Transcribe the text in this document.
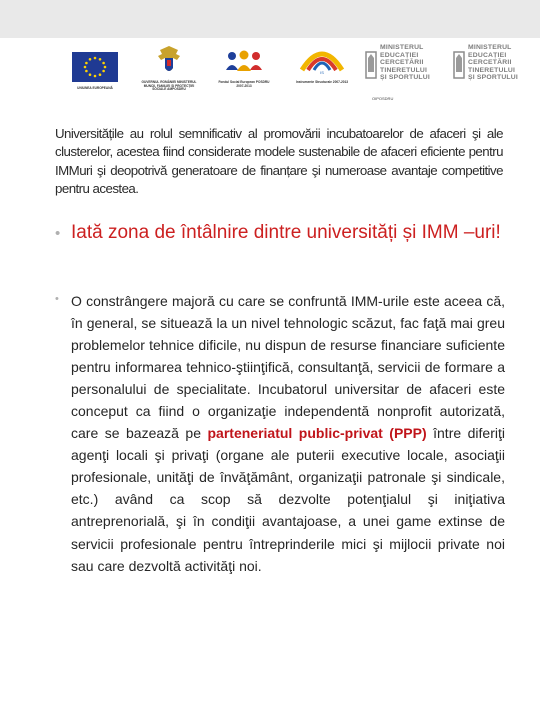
UNIUNEA EUROPEANĂ
GUVERNUL ROMÂNIEI MINISTERUL MUNCII, FAMILIEI ȘI PROTECȚIEI SOCIALE AMPOSDRU
Fondul Social European POSDRU 2007-2013
IS
Instrumente Structurale 2007-2013
MINISTERUL
EDUCAȚIEI
CERCETĂRII
TINERETULUI
ȘI SPORTULUI
MINISTERUL
EDUCAȚIEI
CERCETĂRII
TINERETULUI
ȘI SPORTULUI
OIPOSDRU

Universitățile au rolul semnificativ al promovării incubatoarelor de afaceri şi ale clusterelor, acestea fiind considerate modele sustenabile de afaceri eficiente pentru IMMuri şi deopotrivă generatoare de finanțare şi numeroase avantaje competitive pentru acestea.

• Iată zona de întâlnire dintre universități și IMM –uri!
• O constrângere majoră cu care se confruntă IMM-urile este aceea că, în general, se situează la un nivel tehnologic scăzut, fac faţă mai greu problemelor tehnice dificile, nu dispun de resurse financiare suficiente pentru informarea tehnico-ştiinţifică, consultanţă, servicii de formare a personalului de specialitate. Incubatorul universitar de afaceri este conceput ca fiind o organizaţie independentă nonprofit autorizată, care se bazează pe parteneriatul public-privat (PPP) între diferiţi agenţi locali şi privaţi (organe ale puterii executive locale, asociaţii profesionale, unităţi de învăţământ, organizaţii patronale şi sindicale, etc.) având ca scop să dezvolte potenţialul şi iniţiativa antreprenorială, şi în condiţii avantajoase, a unei game extinse de servicii profesionale pentru întreprinderile mici şi mijlocii private noi sau care dezvoltă activităţi noi.
